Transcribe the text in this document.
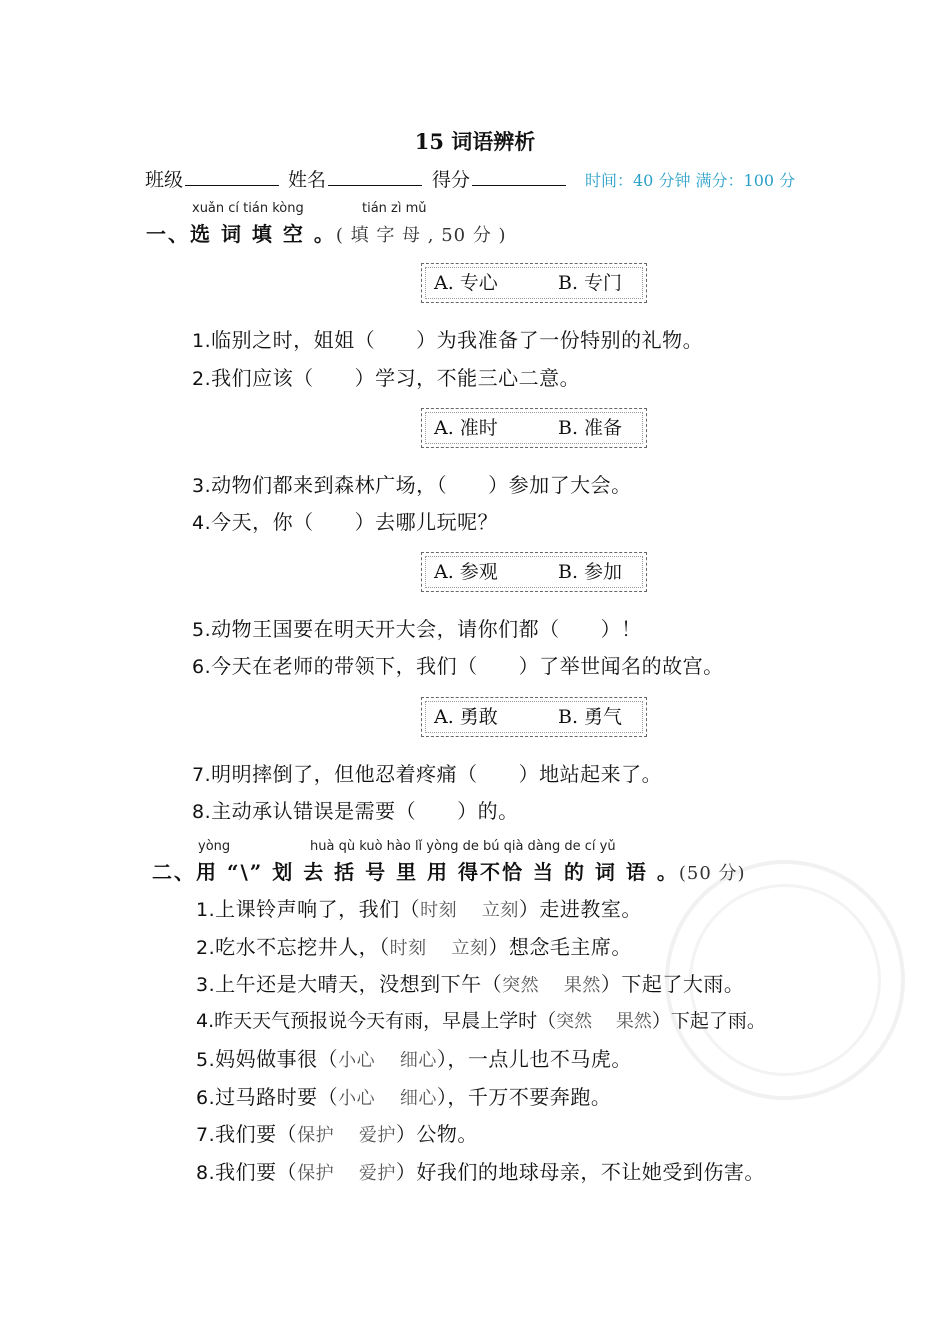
15 词语辨析
班级	姓名	得分	时间：40 分钟 满分：100 分
xuǎn cí tián kòng	tián zì mǔ
一、选 词 填 空 。( 填 字 母 , 50 分 )
A. 专心	B. 专门
1.临别之时，姐姐（　　）为我准备了一份特别的礼物。
2.我们应该（　　）学习，不能三心二意。
A. 准时	B. 准备
3.动物们都来到森林广场，（　　）参加了大会。
4.今天，你（　　）去哪儿玩呢？
A. 参观	B. 参加
5.动物王国要在明天开大会，请你们都（　　）！
6.今天在老师的带领下，我们（　　）了举世闻名的故宫。
A. 勇敢	B. 勇气
7.明明摔倒了，但他忍着疼痛（　　）地站起来了。
8.主动承认错误是需要（　　）的。
yòng	huà qù kuò hào lǐ yòng de bú qià dàng de cí yǔ
二、用 “\” 划 去 括 号 里 用 得不恰 当 的 词 语 。(50 分)
1.上课铃声响了，我们（时刻　 立刻）走进教室。
2.吃水不忘挖井人，（时刻　 立刻）想念毛主席。
3.上午还是大晴天，没想到下午（突然　 果然）下起了大雨。
4.昨天天气预报说今天有雨，早晨上学时（突然　 果然）下起了雨。
5.妈妈做事很（小心　 细心），一点儿也不马虎。
6.过马路时要（小心　 细心），千万不要奔跑。
7.我们要（保护　 爱护）公物。
8.我们要（保护　 爱护）好我们的地球母亲，不让她受到伤害。
